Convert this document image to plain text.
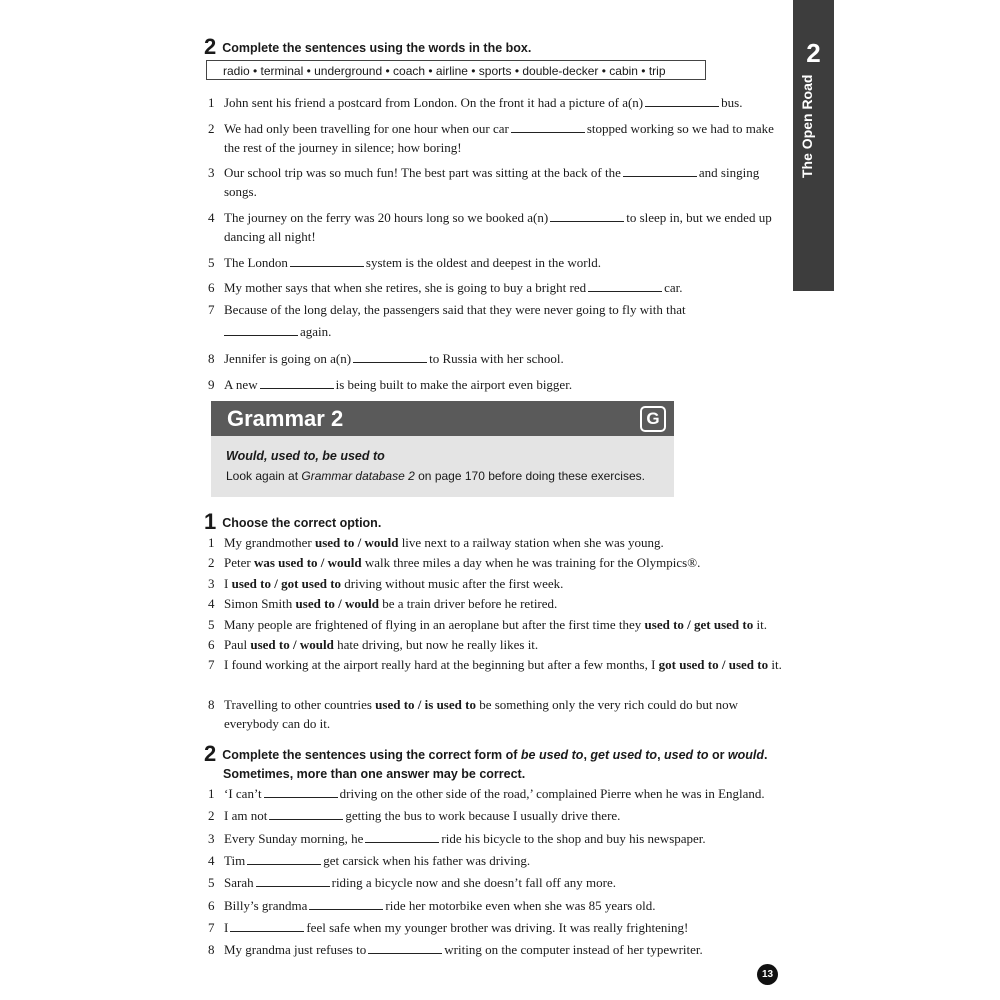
2
The Open Road
2 Complete the sentences using the words in the box.
radio • terminal • underground • coach • airline • sports • double-decker • cabin • trip
1 John sent his friend a postcard from London. On the front it had a picture of a(n)	bus.
2 We had only been travelling for one hour when our car	stopped working so we had to make the rest of the journey in silence; how boring!
3 Our school trip was so much fun! The best part was sitting at the back of the	and singing songs.
4 The journey on the ferry was 20 hours long so we booked a(n)	to sleep in, but we ended up dancing all night!
5 The London	system is the oldest and deepest in the world.
6 My mother says that when she retires, she is going to buy a bright red	car.
7 Because of the long delay, the passengers said that they were never going to fly with that
again.
8 Jennifer is going on a(n)	to Russia with her school.
9 A new	is being built to make the airport even bigger.
Grammar 2	G
Would, used to, be used to
Look again at Grammar database 2 on page 170 before doing these exercises.
1 Choose the correct option.
1 My grandmother used to / would live next to a railway station when she was young.
2 Peter was used to / would walk three miles a day when he was training for the Olympics®.
3 I used to / got used to driving without music after the first week.
4 Simon Smith used to / would be a train driver before he retired.
5 Many people are frightened of flying in an aeroplane but after the first time they used to / get used to it.
6 Paul used to / would hate driving, but now he really likes it.
7 I found working at the airport really hard at the beginning but after a few months, I got used to / used to it.
8 Travelling to other countries used to / is used to be something only the very rich could do but now everybody can do it.
2 Complete the sentences using the correct form of be used to, get used to, used to or would.
Sometimes, more than one answer may be correct.
1 ‘I can’t	driving on the other side of the road,’ complained Pierre when he was in England.
2 I am not	getting the bus to work because I usually drive there.
3 Every Sunday morning, he	ride his bicycle to the shop and buy his newspaper.
4 Tim	get carsick when his father was driving.
5 Sarah	riding a bicycle now and she doesn’t fall off any more.
6 Billy’s grandma	ride her motorbike even when she was 85 years old.
7 I	feel safe when my younger brother was driving. It was really frightening!
8 My grandma just refuses to	writing on the computer instead of her typewriter.
13
